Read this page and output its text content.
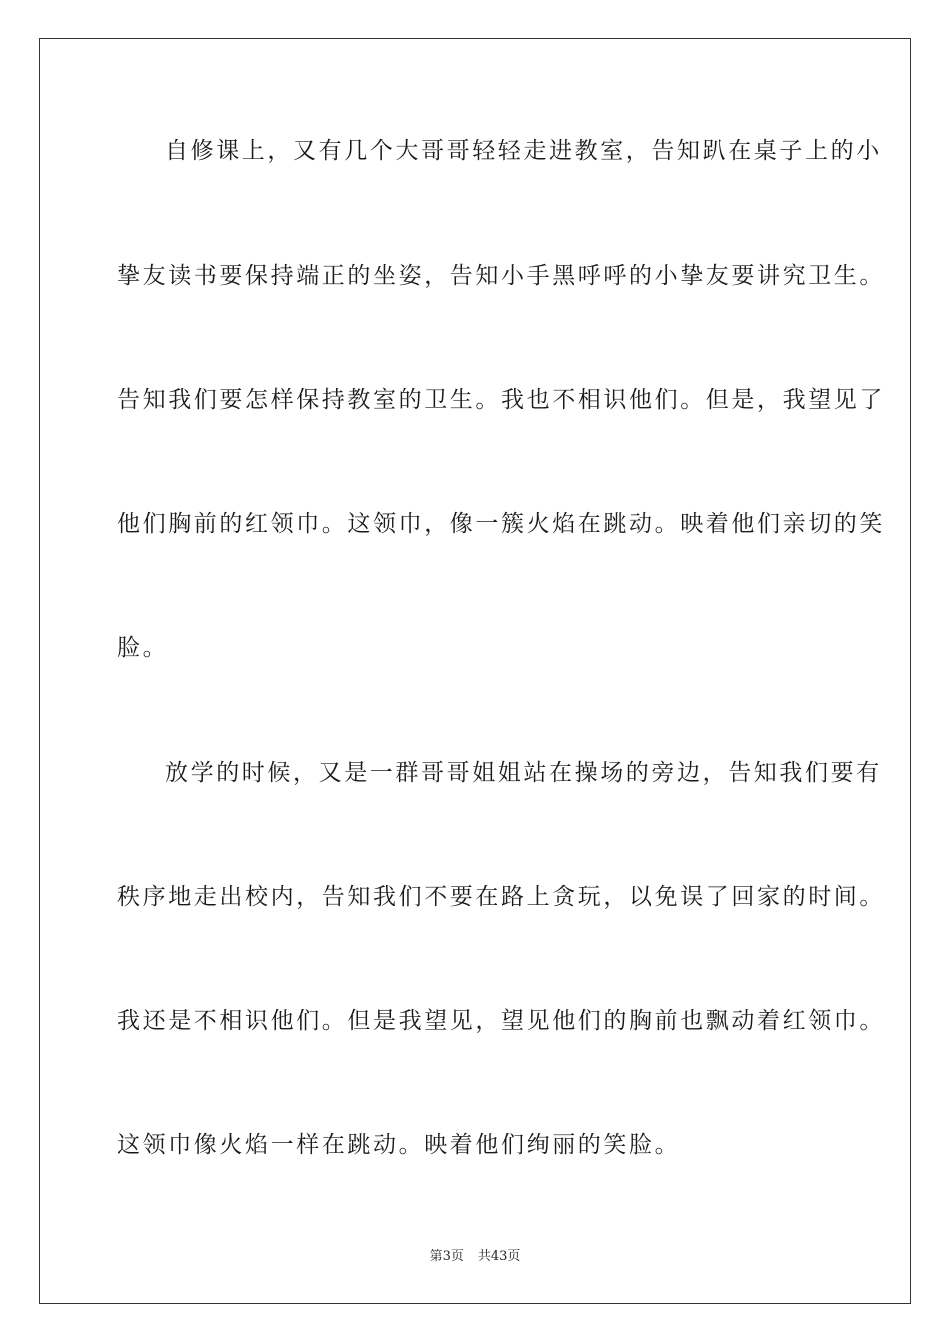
自修课上，又有几个大哥哥轻轻走进教室，告知趴在桌子上的小
挚友读书要保持端正的坐姿，告知小手黑呼呼的小挚友要讲究卫生。
告知我们要怎样保持教室的卫生。我也不相识他们。但是，我望见了
他们胸前的红领巾。这领巾，像一簇火焰在跳动。映着他们亲切的笑
脸。
放学的时候，又是一群哥哥姐姐站在操场的旁边，告知我们要有
秩序地走出校内，告知我们不要在路上贪玩，以免误了回家的时间。
我还是不相识他们。但是我望见，望见他们的胸前也飘动着红领巾。
这领巾像火焰一样在跳动。映着他们绚丽的笑脸。
第3页 共43页
